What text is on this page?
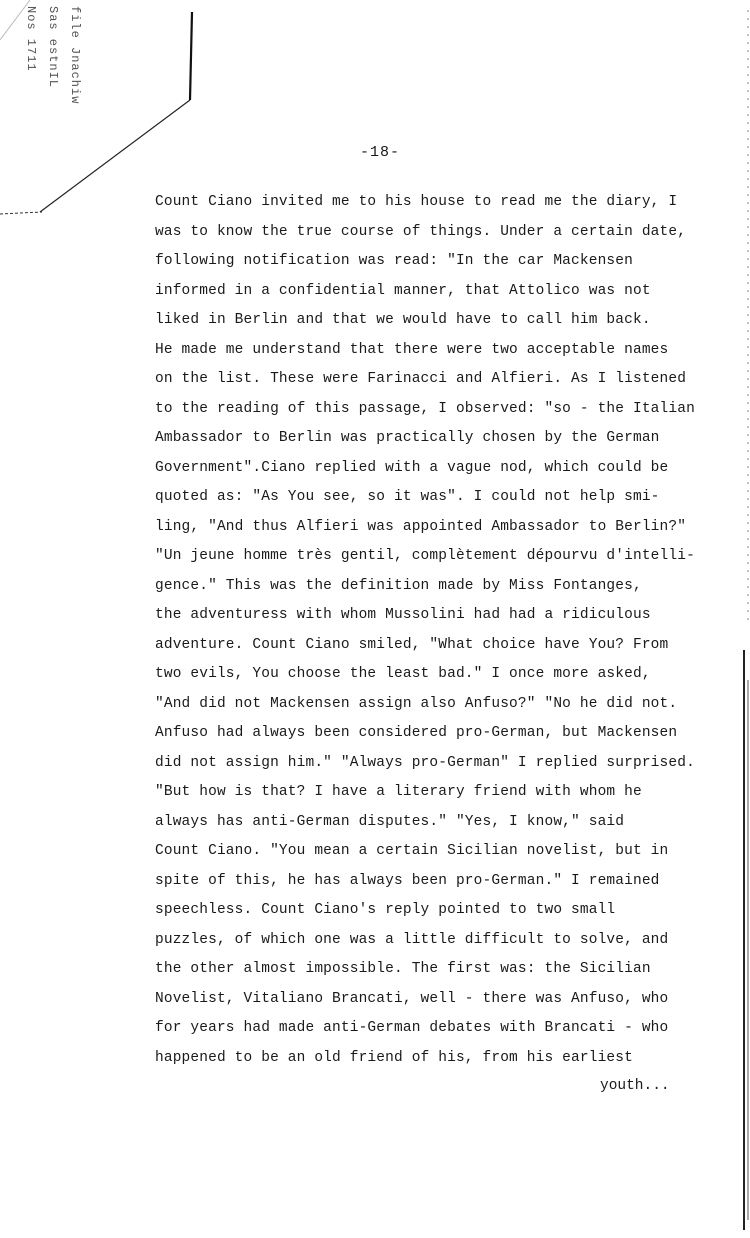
file Jnachiw
Sas estnIL
Nos 1711
-18-
Count Ciano invited me to his house to read me the diary, I
was to know the true course of things. Under a certain date,
following notification was read: "In the car Mackensen
informed in a confidential manner, that Attolico was not
liked in Berlin and that we would have to call him back.
He made me understand that there were two acceptable names
on the list. These were Farinacci and Alfieri. As I listened
to the reading of this passage, I observed: "so - the Italian
Ambassador to Berlin was practically chosen by the German
Government".Ciano replied with a vague nod, which could be
quoted as: "As You see, so it was". I could not help smi-
ling, "And thus Alfieri was appointed Ambassador to Berlin?"
"Un jeune homme très gentil, complètement dépourvu d'intelli-
gence." This was the definition made by Miss Fontanges,
the adventuress with whom Mussolini had had a ridiculous
adventure. Count Ciano smiled, "What choice have You? From
two evils, You choose the least bad." I once more asked,
"And did not Mackensen assign also Anfuso?" "No he did not.
Anfuso had always been considered pro-German, but Mackensen
did not assign him." "Always pro-German" I replied surprised.
"But how is that? I have a literary friend with whom he
always has anti-German disputes." "Yes, I know," said
Count Ciano. "You mean a certain Sicilian novelist, but in
spite of this, he has always been pro-German." I remained
speechless. Count Ciano's reply pointed to two small
puzzles, of which one was a little difficult to solve, and
the other almost impossible. The first was: the Sicilian
Novelist, Vitaliano Brancati, well - there was Anfuso, who
for years had made anti-German debates with Brancati - who
happened to be an old friend of his, from his earliest
youth...
